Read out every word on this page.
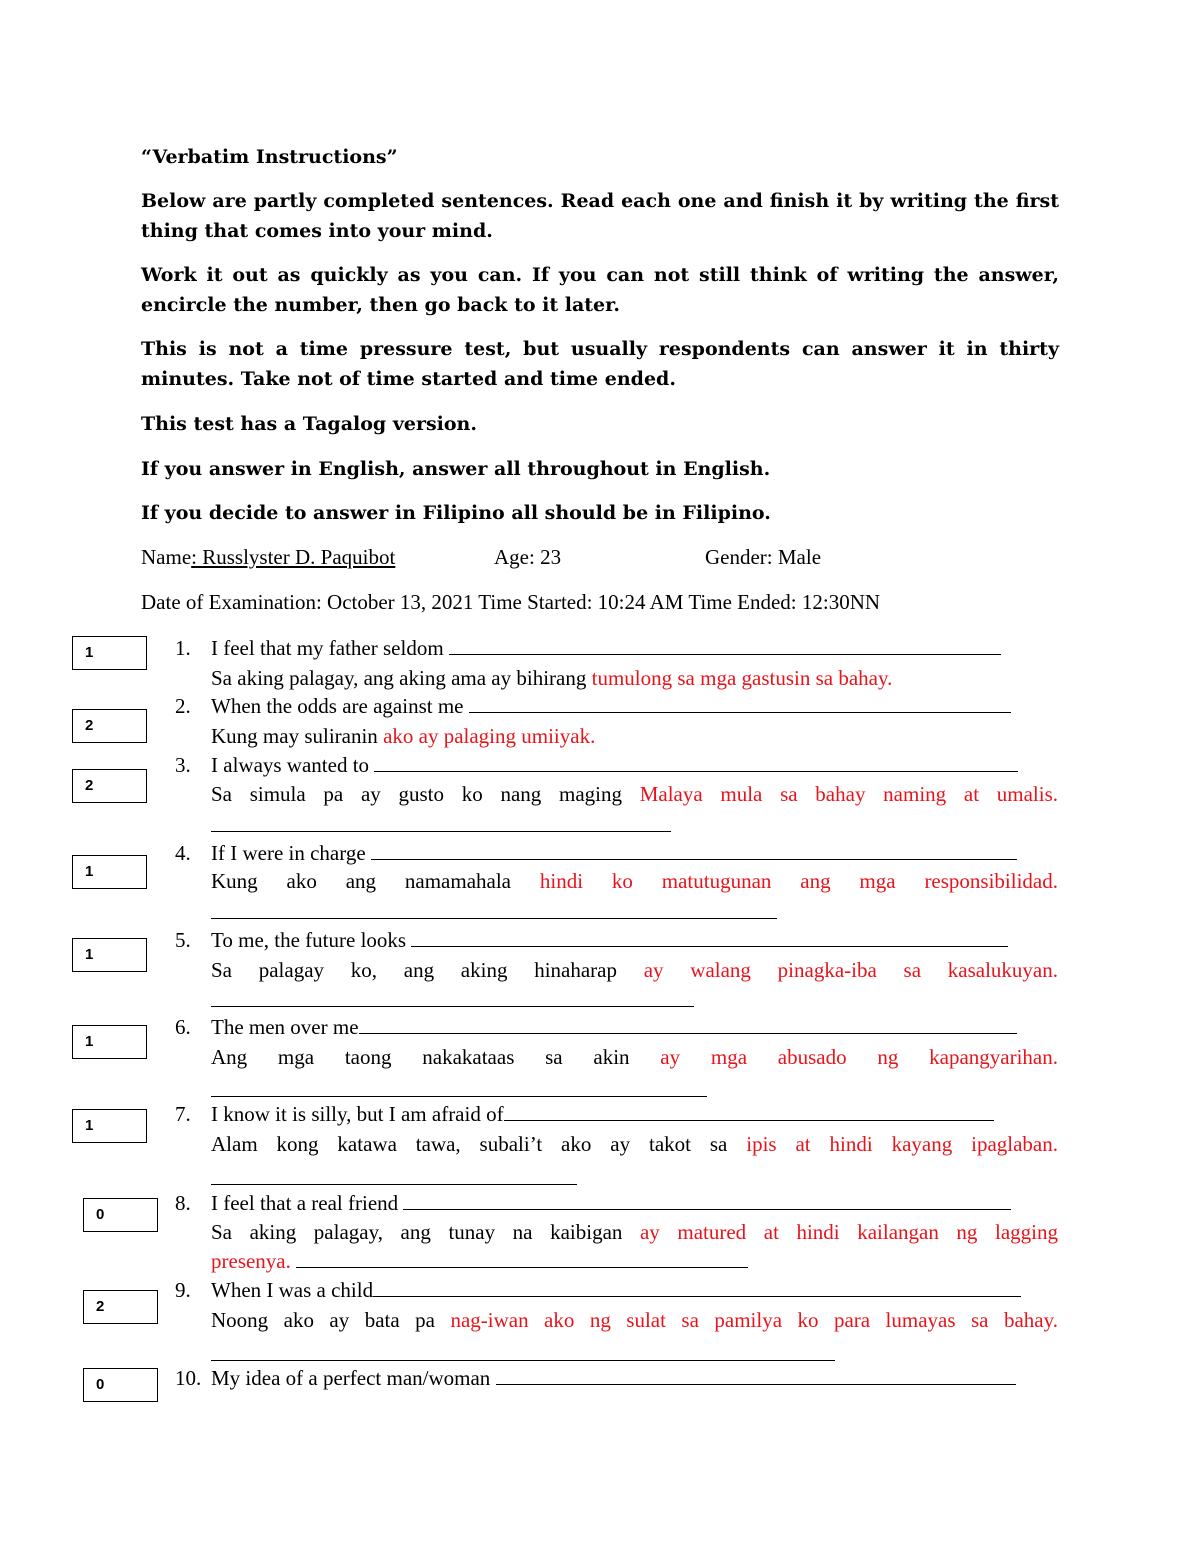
“Verbatim Instructions”
Below are partly completed sentences. Read each one and finish it by writing the first thing that comes into your mind.
Work it out as quickly as you can. If you can not still think of writing the answer, encircle the number, then go back to it later.
This is not a time pressure test, but usually respondents can answer it in thirty minutes. Take not of time started and time ended.
This test has a Tagalog version.
If you answer in English, answer all throughout in English.
If you decide to answer in Filipino all should be in Filipino.
Name: Russlyster D. Paquibot	Age: 23	Gender: Male
Date of Examination: October 13, 2021 Time Started: 10:24 AM Time Ended: 12:30NN
1	1. I feel that my father seldom
Sa aking palagay, ang aking ama ay bihirang tumulong sa mga gastusin sa bahay.
2
2. When the odds are against me
Kung may suliranin ako ay palaging umiiyak.
2
3. I always wanted to
Sa simula pa ay gusto ko nang maging Malaya mula sa bahay naming at umalis.
1
4. If I were in charge
Kung ako ang namamahala hindi ko matutugunan ang mga responsibilidad.
1
5. To me, the future looks
Sa palagay ko, ang aking hinaharap ay walang pinagka-iba sa kasalukuyan.
1
6. The men over me
Ang mga taong nakakataas sa akin ay mga abusado ng kapangyarihan.
1	7. I know it is silly, but I am afraid of
Alam kong katawa tawa, subali’t ako ay takot sa ipis at hindi kayang ipaglaban.
0	8. I feel that a real friend
Sa aking palagay, ang tunay na kaibigan ay matured at hindi kailangan ng lagging
presenya.
2
9. When I was a child
Noong ako ay bata pa nag-iwan ako ng sulat sa pamilya ko para lumayas sa bahay.
0	10. My idea of a perfect man/woman
